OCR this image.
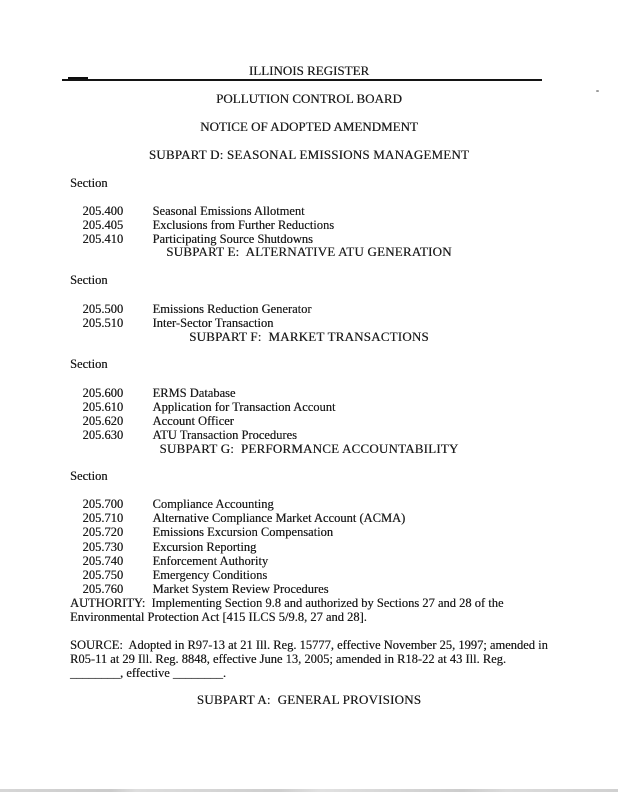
ILLINOIS REGISTER
POLLUTION CONTROL BOARD
NOTICE OF ADOPTED AMENDMENT
SUBPART D: SEASONAL EMISSIONS MANAGEMENT
Section

205.400 Seasonal Emissions Allotment

205.405 Exclusions from Further Reductions

205.410 Participating Source Shutdowns

SUBPART E:  ALTERNATIVE ATU GENERATION
Section

205.500 Emissions Reduction Generator

205.510 Inter-Sector Transaction

SUBPART F:  MARKET TRANSACTIONS
Section

205.600 ERMS Database

205.610 Application for Transaction Account

205.620 Account Officer

205.630 ATU Transaction Procedures

SUBPART G:  PERFORMANCE ACCOUNTABILITY
Section

205.700 Compliance Accounting

205.710 Alternative Compliance Market Account (ACMA)

205.720 Emissions Excursion Compensation

205.730 Excursion Reporting

205.740 Enforcement Authority

205.750 Emergency Conditions

205.760 Market System Review Procedures

AUTHORITY:  Implementing Section 9.8 and authorized by Sections 27 and 28 of the
Environmental Protection Act [415 ILCS 5/9.8, 27 and 28].
SOURCE:  Adopted in R97-13 at 21 Ill. Reg. 15777, effective November 25, 1997; amended in
R05-11 at 29 Ill. Reg. 8848, effective June 13, 2005; amended in R18-22 at 43 Ill. Reg.
________, effective ________.
SUBPART A:  GENERAL PROVISIONS
